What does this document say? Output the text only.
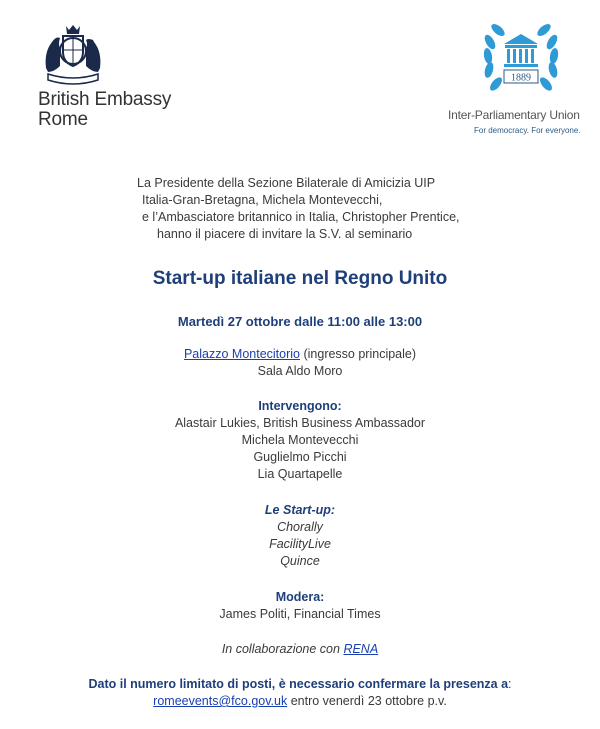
British Embassy
Rome
1889
Inter-Parliamentary Union
For democracy. For everyone.
La Presidente della Sezione Bilaterale di Amicizia UIP
Italia-Gran-Bretagna, Michela Montevecchi,
e l’Ambasciatore britannico in Italia, Christopher Prentice,
hanno il piacere di invitare la S.V. al seminario
Start-up italiane nel Regno Unito
Martedì 27 ottobre dalle 11:00 alle 13:00
Palazzo Montecitorio (ingresso principale)
Sala Aldo Moro
Intervengono:
Alastair Lukies, British Business Ambassador
Michela Montevecchi
Guglielmo Picchi
Lia Quartapelle
Le Start-up:
Chorally
FacilityLive
Quince
Modera:
James Politi, Financial Times
In collaborazione con RENA
Dato il numero limitato di posti, è necessario confermare la presenza a:
romeevents@fco.gov.uk entro venerdì 23 ottobre p.v.
